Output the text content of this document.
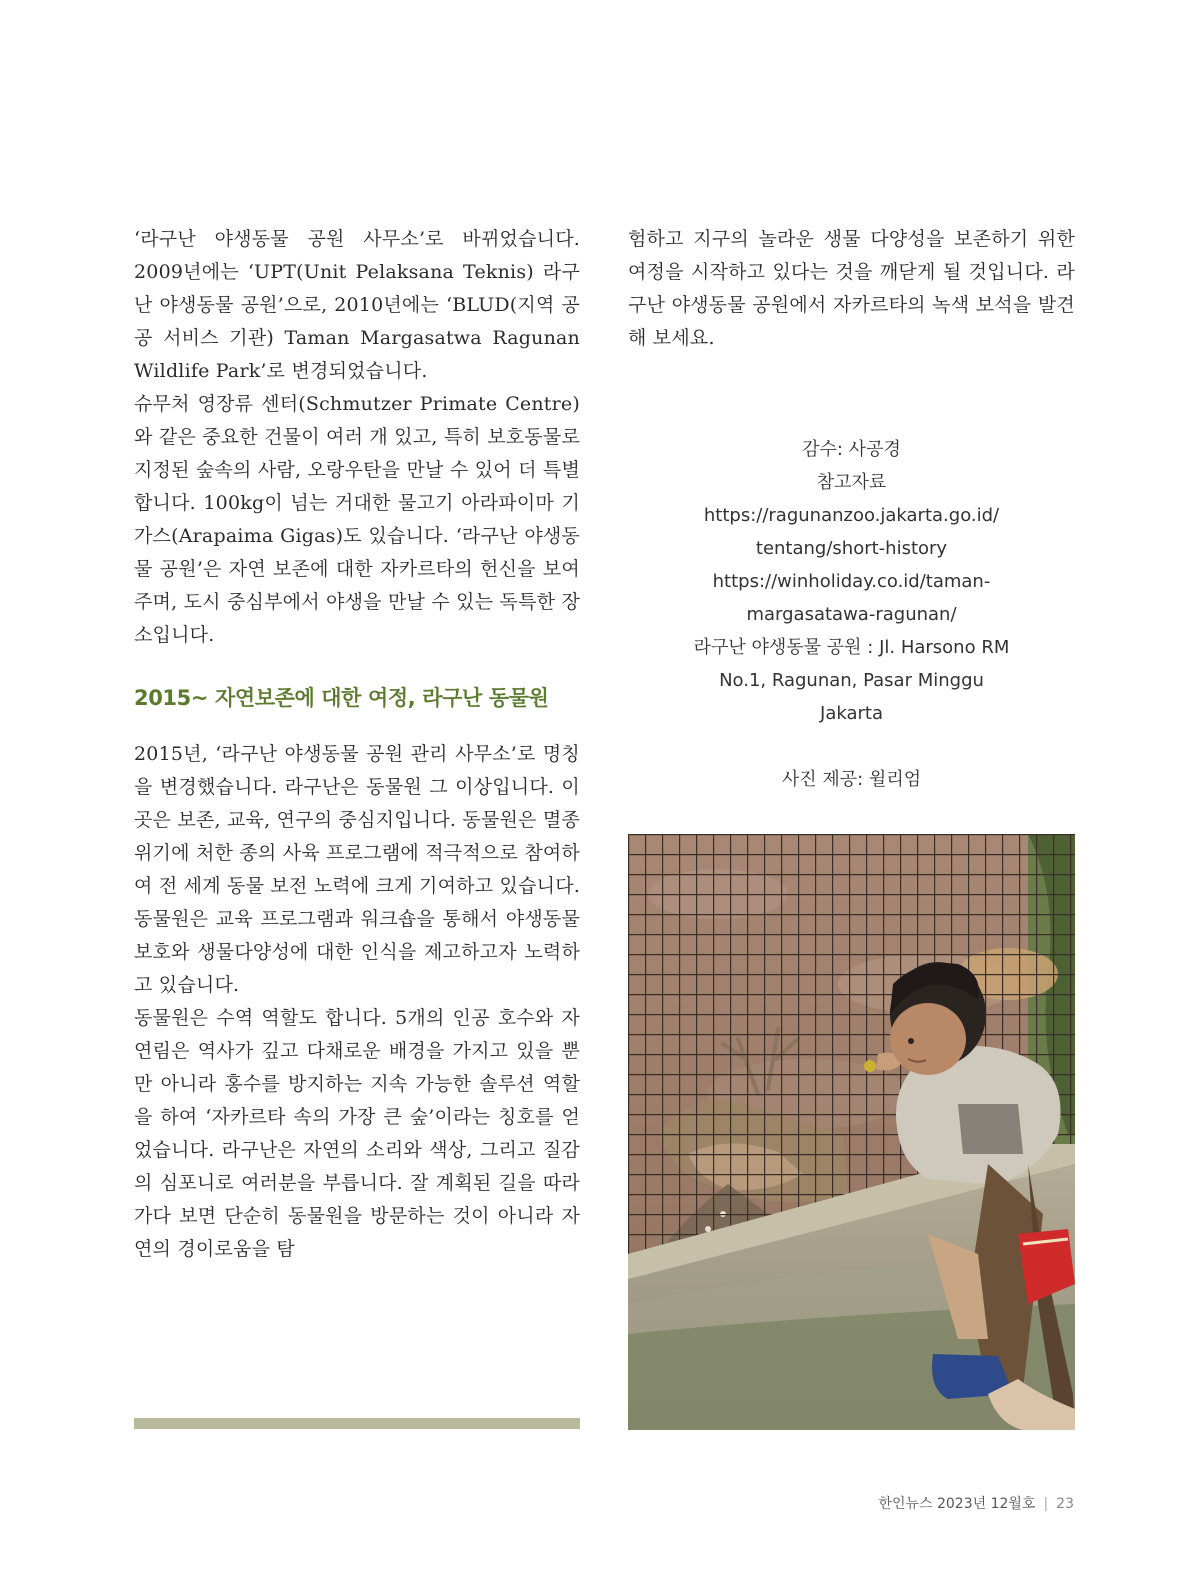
‘라구난 야생동물 공원 사무소’로 바뀌었습니다. 2009년에는 ‘UPT(Unit Pelaksana Teknis) 라구난 야생동물 공원’으로, 2010년에는 ‘BLUD(지역 공공 서비스 기관) Taman Margasatwa Ragunan Wildlife Park’로 변경되었습니다.

슈무처 영장류 센터(Schmutzer Primate Centre)와 같은 중요한 건물이 여러 개 있고, 특히 보호동물로 지정된 숲속의 사람, 오랑우탄을 만날 수 있어 더 특별합니다. 100kg이 넘는 거대한 물고기 아라파이마 기가스(Arapaima Gigas)도 있습니다. ‘라구난 야생동물 공원’은 자연 보존에 대한 자카르타의 헌신을 보여주며, 도시 중심부에서 야생을 만날 수 있는 독특한 장소입니다.

2015~ 자연보존에 대한 여정, 라구난 동물원

2015년, ‘라구난 야생동물 공원 관리 사무소’로 명칭을 변경했습니다. 라구난은 동물원 그 이상입니다. 이곳은 보존, 교육, 연구의 중심지입니다. 동물원은 멸종 위기에 처한 종의 사육 프로그램에 적극적으로 참여하여 전 세계 동물 보전 노력에 크게 기여하고 있습니다. 동물원은 교육 프로그램과 워크숍을 통해서 야생동물 보호와 생물다양성에 대한 인식을 제고하고자 노력하고 있습니다.

동물원은 수역 역할도 합니다. 5개의 인공 호수와 자연림은 역사가 깊고 다채로운 배경을 가지고 있을 뿐만 아니라 홍수를 방지하는 지속 가능한 솔루션 역할을 하여 ‘자카르타 속의 가장 큰 숲’이라는 칭호를 얻었습니다. 라구난은 자연의 소리와 색상, 그리고 질감의 심포니로 여러분을 부릅니다. 잘 계획된 길을 따라가다 보면 단순히 동물원을 방문하는 것이 아니라 자연의 경이로움을 탐

험하고 지구의 놀라운 생물 다양성을 보존하기 위한 여정을 시작하고 있다는 것을 깨닫게 될 것입니다. 라구난 야생동물 공원에서 자카르타의 녹색 보석을 발견해 보세요.

감수: 사공경
참고자료
https://ragunanzoo.jakarta.go.id/
tentang/short-history
https://winholiday.co.id/taman-
margasatawa-ragunan/
라구난 야생동물 공원 : Jl. Harsono RM
No.1, Ragunan, Pasar Minggu
Jakarta
사진 제공: 윌리엄
한인뉴스 2023년 12월호 | 23
